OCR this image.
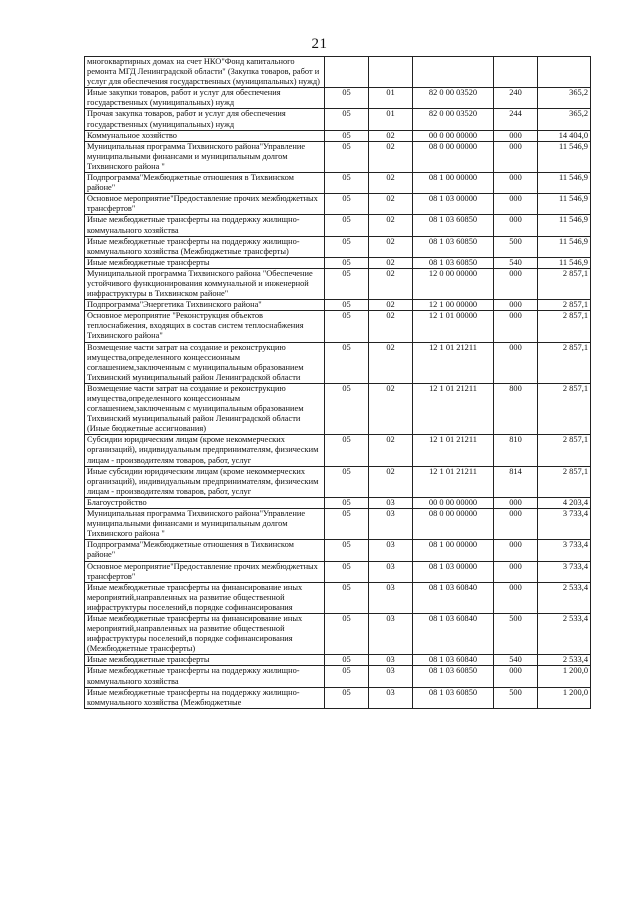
21
многоквартирных домах на счет НКО"Фонд капитального ремонта МГД Ленинградской области" (Закупка товаров, работ и услуг для обеспечения государственных (муниципальных) нужд)					
Иные закупки товаров, работ и услуг для обеспечения государственных (муниципальных) нужд	05	01	82 0 00 03520	240	365,2
Прочая закупка товаров, работ и услуг для обеспечения государственных (муниципальных) нужд	05	01	82 0 00 03520	244	365,2
Коммунальное хозяйство	05	02	00 0 00 00000	000	14 404,0
Муниципальная программа Тихвинского района"Управление муниципальными финансами и муниципальным долгом Тихвинского района "	05	02	08 0 00 00000	000	11 546,9
Подпрограмма"Межбюджетные отношения в Тихвинском районе"	05	02	08 1 00 00000	000	11 546,9
Основное мероприятие"Предоставление прочих межбюджетных трансфертов"	05	02	08 1 03 00000	000	11 546,9
Иные межбюджетные трансферты на поддержку жилищно-коммунального хозяйства	05	02	08 1 03 60850	000	11 546,9
Иные межбюджетные трансферты на поддержку жилищно-коммунального хозяйства (Межбюджетные трансферты)	05	02	08 1 03 60850	500	11 546,9
Иные межбюджетные трансферты	05	02	08 1 03 60850	540	11 546,9
Муниципальной программа Тихвинского района "Обеспечение устойчивого функционирования коммунальной и инженерной инфраструктуры в Тихвинском районе"	05	02	12 0 00 00000	000	2 857,1
Подпрограмма"Энергетика Тихвинского района"	05	02	12 1 00 00000	000	2 857,1
Основное мероприятие "Реконструкция объектов теплоснабжения, входящих в состав систем теплоснабжения Тихвинского района"	05	02	12 1 01 00000	000	2 857,1
Возмещение части затрат на создание и реконструкцию имущества,определенного концессионным соглашением,заключенным с муниципальным образованием Тихвинский муниципальный район Ленинградской области	05	02	12 1 01 21211	000	2 857,1
Возмещение части затрат на создание и реконструкцию имущества,определенного концессионным соглашением,заключенным с муниципальным образованием Тихвинский муниципальный район Ленинградской области (Иные бюджетные ассигнования)	05	02	12 1 01 21211	800	2 857,1
Субсидии юридическим лицам (кроме некоммерческих организаций), индивидуальным предпринимателям, физическим лицам - производителям товаров, работ, услуг	05	02	12 1 01 21211	810	2 857,1
Иные субсидии юридическим лицам (кроме некоммерческих организаций), индивидуальным предпринимателям, физическим лицам - производителям товаров, работ, услуг	05	02	12 1 01 21211	814	2 857,1
Благоустройство	05	03	00 0 00 00000	000	4 203,4
Муниципальная программа Тихвинского района"Управление муниципальными финансами и муниципальным долгом Тихвинского района "	05	03	08 0 00 00000	000	3 733,4
Подпрограмма"Межбюджетные отношения в Тихвинском районе"	05	03	08 1 00 00000	000	3 733,4
Основное мероприятие"Предоставление прочих межбюджетных трансфертов"	05	03	08 1 03 00000	000	3 733,4
Иные межбюджетные трансферты на финансирование иных мероприятий,направленных на развитие общественной инфраструктуры поселений,в порядке софинансирования	05	03	08 1 03 60840	000	2 533,4
Иные межбюджетные трансферты на финансирование иных мероприятий,направленных на развитие общественной инфраструктуры поселений,в порядке софинансирования (Межбюджетные трансферты)	05	03	08 1 03 60840	500	2 533,4
Иные межбюджетные трансферты	05	03	08 1 03 60840	540	2 533,4
Иные межбюджетные трансферты на поддержку жилищно-коммунального хозяйства	05	03	08 1 03 60850	000	1 200,0
Иные межбюджетные трансферты на поддержку жилищно-коммунального хозяйства (Межбюджетные	05	03	08 1 03 60850	500	1 200,0
